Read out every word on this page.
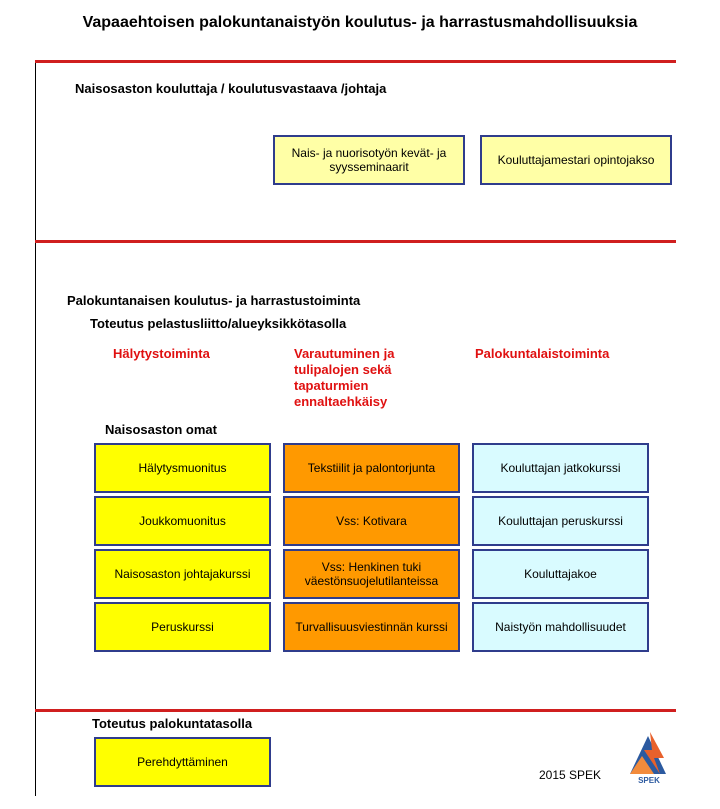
Vapaaehtoisen palokuntanaistyön koulutus- ja harrastusmahdollisuuksia
Naisosaston kouluttaja / koulutusvastaava /johtaja
Nais- ja nuorisotyön kevät- ja syysseminaarit	Kouluttajamestari opintojakso
Palokuntanaisen koulutus- ja harrastustoiminta
Toteutus pelastusliitto/alueyksikkötasolla
Hälytystoiminta	Varautuminen ja tulipalojen sekä tapaturmien ennaltaehkäisy
Palokuntalaistoiminta
Naisosaston omat
Hälytysmuonitus
Joukkomuonitus
Naisosaston johtajakurssi
Peruskurssi
Tekstiilit ja palontorjunta
Vss: Kotivara
Vss: Henkinen tuki väestönsuojelutilanteissa
Turvallisuusviestinnän kurssi
Kouluttajan jatkokurssi
Kouluttajan peruskurssi
Kouluttajakoe
Naistyön mahdollisuudet
Toteutus palokuntatasolla
Perehdyttäminen
2015 SPEK	SPEK
